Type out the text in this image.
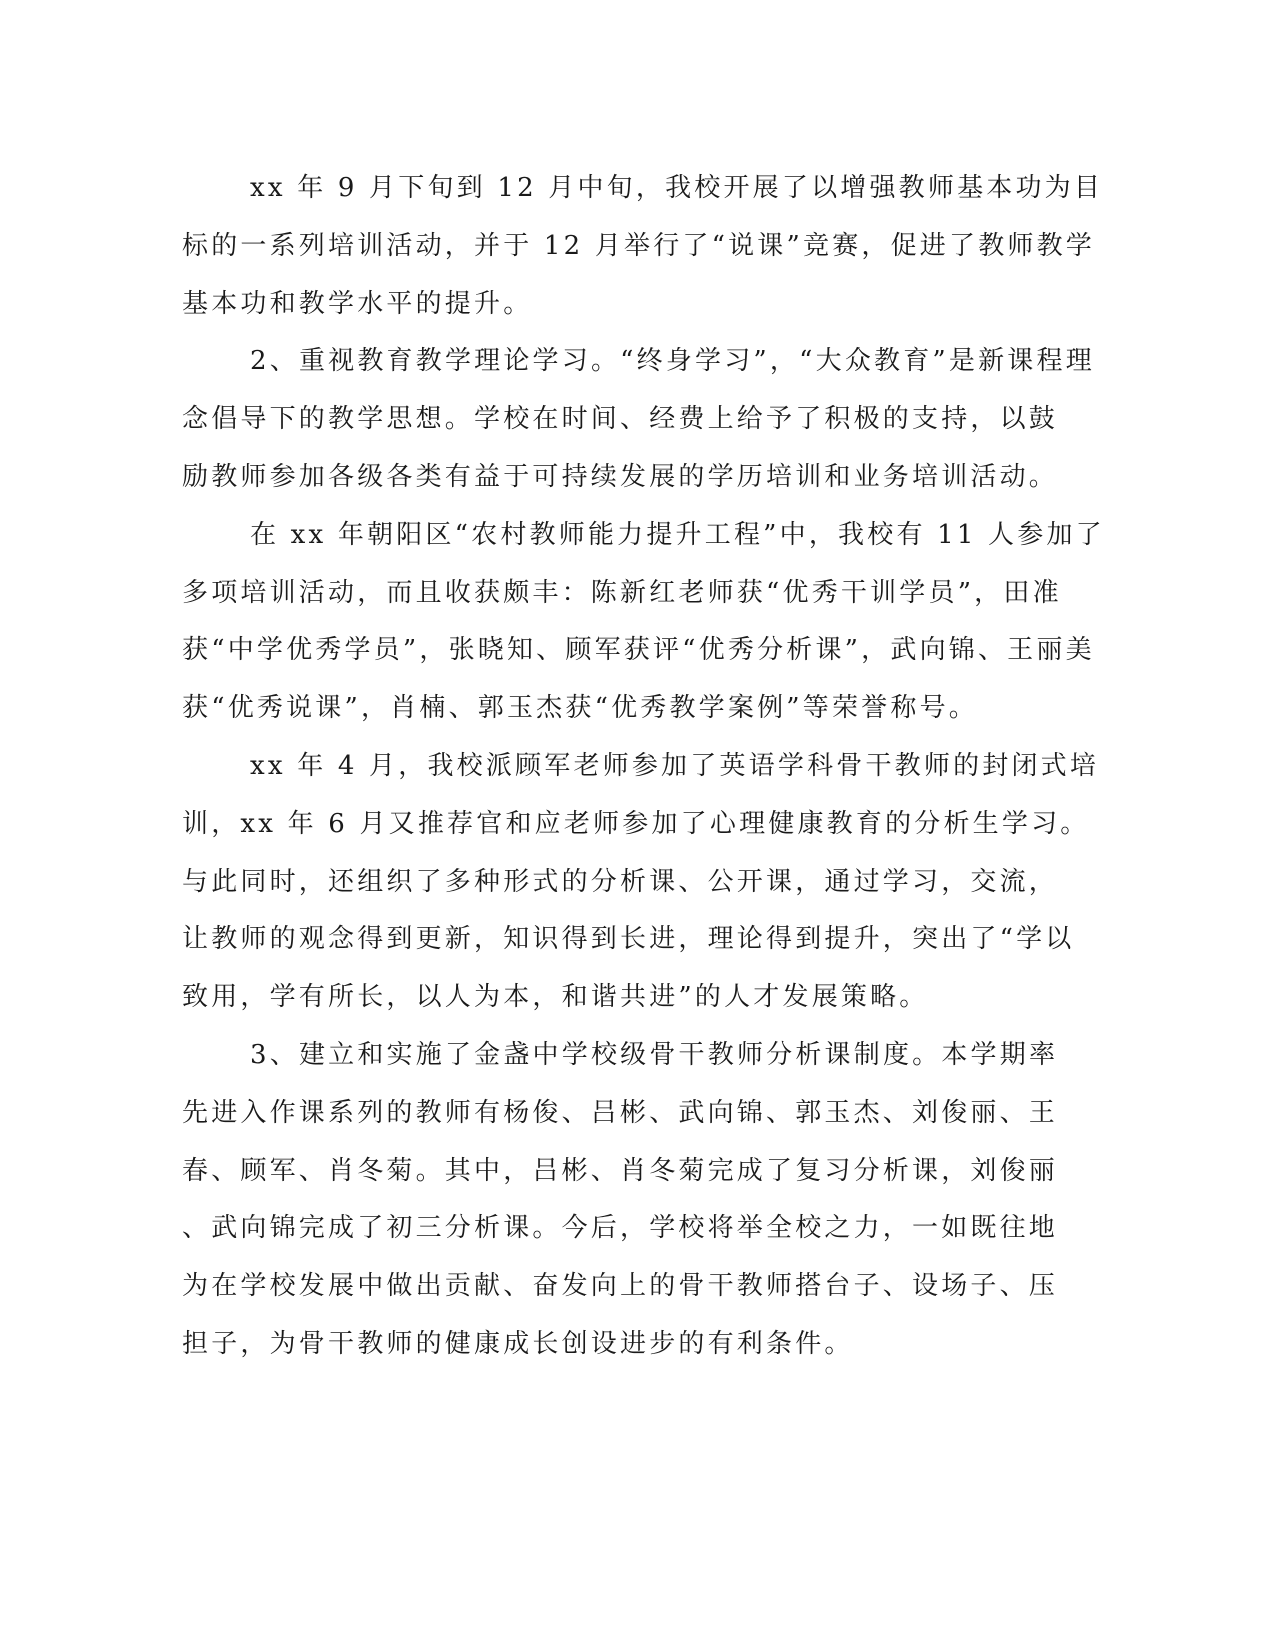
xx 年 9 月下旬到 12 月中旬，我校开展了以增强教师基本功为目
标的一系列培训活动，并于 12 月举行了“说课”竞赛，促进了教师教学
基本功和教学水平的提升。

2、重视教育教学理论学习。“终身学习”，“大众教育”是新课程理
念倡导下的教学思想。学校在时间、经费上给予了积极的支持，以鼓
励教师参加各级各类有益于可持续发展的学历培训和业务培训活动。

在 xx 年朝阳区“农村教师能力提升工程”中，我校有 11 人参加了
多项培训活动，而且收获颇丰：陈新红老师获“优秀干训学员”，田准
获“中学优秀学员”，张晓知、顾军获评“优秀分析课”，武向锦、王丽美
获“优秀说课”，肖楠、郭玉杰获“优秀教学案例”等荣誉称号。

xx 年 4 月，我校派顾军老师参加了英语学科骨干教师的封闭式培
训，xx 年 6 月又推荐官和应老师参加了心理健康教育的分析生学习。
与此同时，还组织了多种形式的分析课、公开课，通过学习，交流，
让教师的观念得到更新，知识得到长进，理论得到提升，突出了“学以
致用，学有所长，以人为本，和谐共进”的人才发展策略。

3、建立和实施了金盏中学校级骨干教师分析课制度。本学期率
先进入作课系列的教师有杨俊、吕彬、武向锦、郭玉杰、刘俊丽、王
春、顾军、肖冬菊。其中，吕彬、肖冬菊完成了复习分析课，刘俊丽
、武向锦完成了初三分析课。今后，学校将举全校之力，一如既往地
为在学校发展中做出贡献、奋发向上的骨干教师搭台子、设场子、压
担子，为骨干教师的健康成长创设进步的有利条件。
